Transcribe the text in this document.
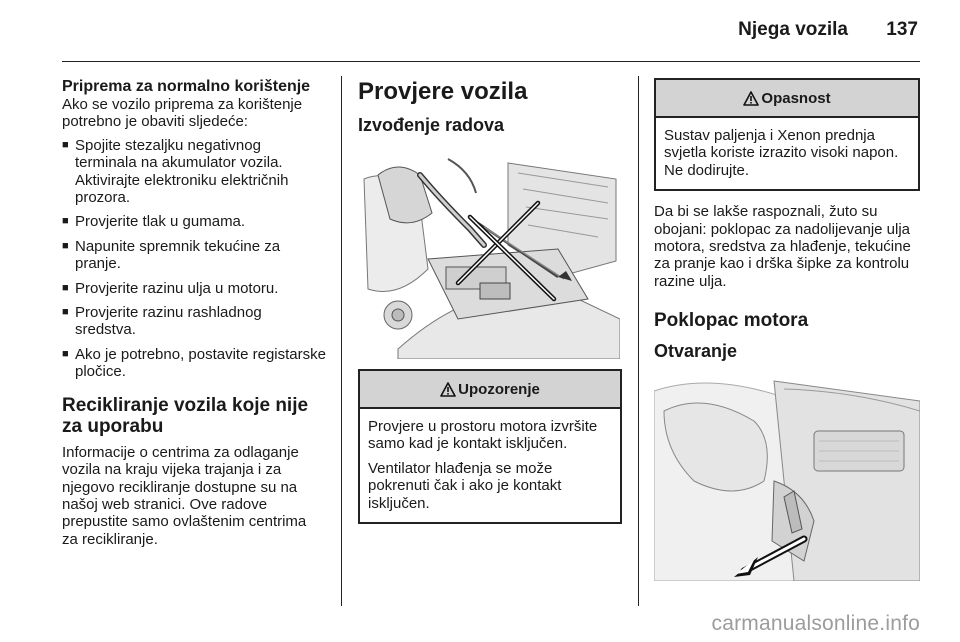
Njega vozila 137
Priprema za normalno korištenje

Ako se vozilo priprema za korištenje potrebno je obaviti sljedeće:

■ Spojite stezaljku negativnog terminala na akumulator vozila. Aktivirajte elektroniku električnih prozora.
■ Provjerite tlak u gumama.
■ Napunite spremnik tekućine za pranje.
■ Provjerite razinu ulja u motoru.
■ Provjerite razinu rashladnog sredstva.
■ Ako je potrebno, postavite registarske pločice.
Recikliranje vozila koje nije za uporabu

Informacije o centrima za odlaganje vozila na kraju vijeka trajanja i za njegovo recikliranje dostupne su na našoj web stranici. Ove radove prepustite samo ovlaštenim centrima za recikliranje.

Provjere vozila
Izvođenje radova
Upozorenje

Provjere u prostoru motora izvršite samo kad je kontakt isključen.

Ventilator hlađenja se može pokrenuti čak i ako je kontakt isključen.

Opasnost

Sustav paljenja i Xenon prednja svjetla koriste izrazito visoki napon. Ne dodirujte.

Da bi se lakše raspoznali, žuto su obojani: poklopac za nadolijevanje ulja motora, sredstva za hlađenje, tekućine za pranje kao i drška šipke za kontrolu razine ulja.

Poklopac motora
Otvaranje
carmanualsonline.info
